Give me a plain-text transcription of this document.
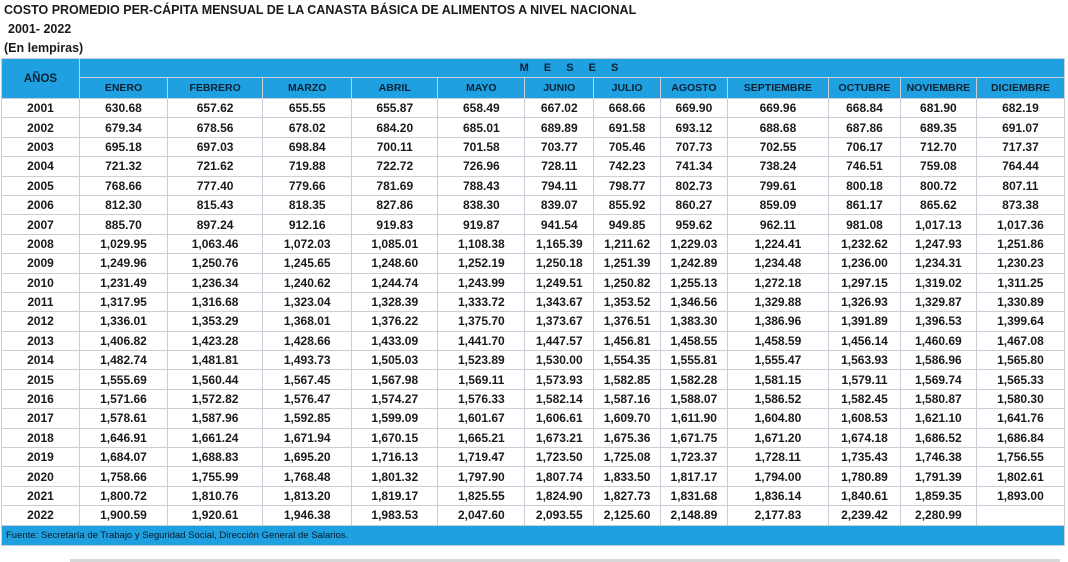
COSTO PROMEDIO PER-CÁPITA MENSUAL DE LA CANASTA BÁSICA DE ALIMENTOS A NIVEL NACIONAL
2001- 2022
(En lempiras)
AÑOS	M E S E S											
	ENERO	FEBRERO	MARZO	ABRIL	MAYO	JUNIO	JULIO	AGOSTO	SEPTIEMBRE	OCTUBRE	NOVIEMBRE	DICIEMBRE
2001	630.68	657.62	655.55	655.87	658.49	667.02	668.66	669.90	669.96	668.84	681.90	682.19
2002	679.34	678.56	678.02	684.20	685.01	689.89	691.58	693.12	688.68	687.86	689.35	691.07
2003	695.18	697.03	698.84	700.11	701.58	703.77	705.46	707.73	702.55	706.17	712.70	717.37
2004	721.32	721.62	719.88	722.72	726.96	728.11	742.23	741.34	738.24	746.51	759.08	764.44
2005	768.66	777.40	779.66	781.69	788.43	794.11	798.77	802.73	799.61	800.18	800.72	807.11
2006	812.30	815.43	818.35	827.86	838.30	839.07	855.92	860.27	859.09	861.17	865.62	873.38
2007	885.70	897.24	912.16	919.83	919.87	941.54	949.85	959.62	962.11	981.08	1,017.13	1,017.36
2008	1,029.95	1,063.46	1,072.03	1,085.01	1,108.38	1,165.39	1,211.62	1,229.03	1,224.41	1,232.62	1,247.93	1,251.86
2009	1,249.96	1,250.76	1,245.65	1,248.60	1,252.19	1,250.18	1,251.39	1,242.89	1,234.48	1,236.00	1,234.31	1,230.23
2010	1,231.49	1,236.34	1,240.62	1,244.74	1,243.99	1,249.51	1,250.82	1,255.13	1,272.18	1,297.15	1,319.02	1,311.25
2011	1,317.95	1,316.68	1,323.04	1,328.39	1,333.72	1,343.67	1,353.52	1,346.56	1,329.88	1,326.93	1,329.87	1,330.89
2012	1,336.01	1,353.29	1,368.01	1,376.22	1,375.70	1,373.67	1,376.51	1,383.30	1,386.96	1,391.89	1,396.53	1,399.64
2013	1,406.82	1,423.28	1,428.66	1,433.09	1,441.70	1,447.57	1,456.81	1,458.55	1,458.59	1,456.14	1,460.69	1,467.08
2014	1,482.74	1,481.81	1,493.73	1,505.03	1,523.89	1,530.00	1,554.35	1,555.81	1,555.47	1,563.93	1,586.96	1,565.80
2015	1,555.69	1,560.44	1,567.45	1,567.98	1,569.11	1,573.93	1,582.85	1,582.28	1,581.15	1,579.11	1,569.74	1,565.33
2016	1,571.66	1,572.82	1,576.47	1,574.27	1,576.33	1,582.14	1,587.16	1,588.07	1,586.52	1,582.45	1,580.87	1,580.30
2017	1,578.61	1,587.96	1,592.85	1,599.09	1,601.67	1,606.61	1,609.70	1,611.90	1,604.80	1,608.53	1,621.10	1,641.76
2018	1,646.91	1,661.24	1,671.94	1,670.15	1,665.21	1,673.21	1,675.36	1,671.75	1,671.20	1,674.18	1,686.52	1,686.84
2019	1,684.07	1,688.83	1,695.20	1,716.13	1,719.47	1,723.50	1,725.08	1,723.37	1,728.11	1,735.43	1,746.38	1,756.55
2020	1,758.66	1,755.99	1,768.48	1,801.32	1,797.90	1,807.74	1,833.50	1,817.17	1,794.00	1,780.89	1,791.39	1,802.61
2021	1,800.72	1,810.76	1,813.20	1,819.17	1,825.55	1,824.90	1,827.73	1,831.68	1,836.14	1,840.61	1,859.35	1,893.00
2022	1,900.59	1,920.61	1,946.38	1,983.53	2,047.60	2,093.55	2,125.60	2,148.89	2,177.83	2,239.42	2,280.99	
Fuente: Secretaría de Trabajo y Seguridad Social, Dirección General de Salarios.												
